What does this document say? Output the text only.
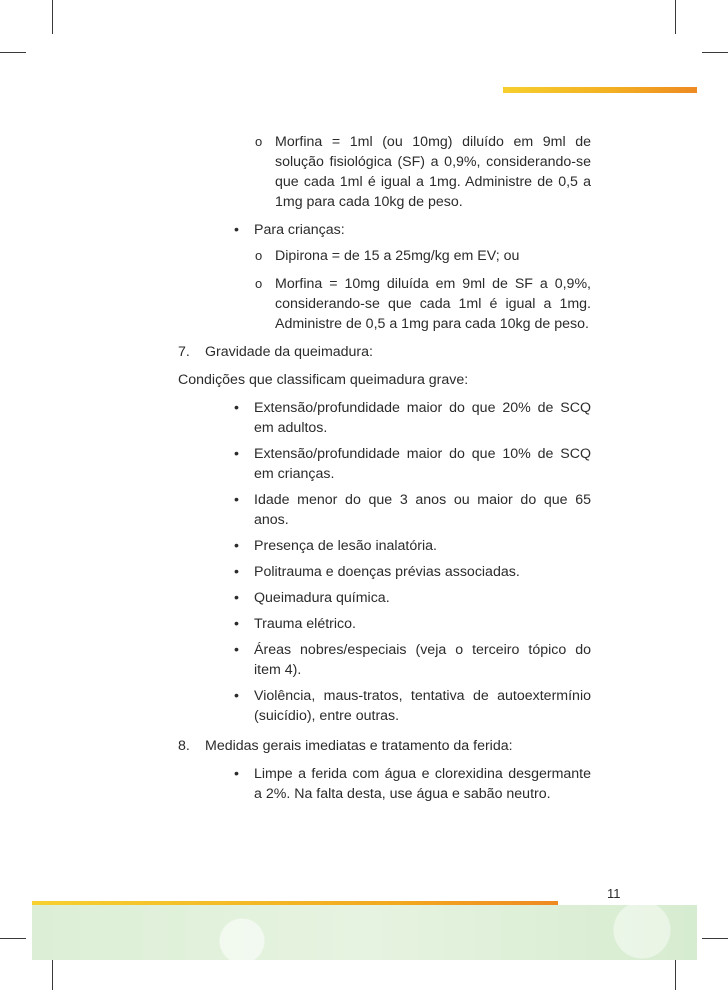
o Morfina = 1ml (ou 10mg) diluído em 9ml de solução fisiológica (SF) a 0,9%, considerando-se que cada 1ml é igual a 1mg. Administre de 0,5 a 1mg para cada 10kg de peso.
• Para crianças:
o Dipirona = de 15 a 25mg/kg em EV; ou
o Morfina = 10mg diluída em 9ml de SF a 0,9%, considerando-se que cada 1ml é igual a 1mg. Administre de 0,5 a 1mg para cada 10kg de peso.
7. Gravidade da queimadura:
Condições que classificam queimadura grave:
• Extensão/profundidade maior do que 20% de SCQ em adultos.
• Extensão/profundidade maior do que 10% de SCQ em crianças.
• Idade menor do que 3 anos ou maior do que 65 anos.
• Presença de lesão inalatória.
• Politrauma e doenças prévias associadas.
• Queimadura química.
• Trauma elétrico.
• Áreas nobres/especiais (veja o terceiro tópico do item 4).
• Violência, maus-tratos, tentativa de autoextermínio (suicídio), entre outras.
8. Medidas gerais imediatas e tratamento da ferida:
• Limpe a ferida com água e clorexidina desgermante a 2%. Na falta desta, use água e sabão neutro.
11
